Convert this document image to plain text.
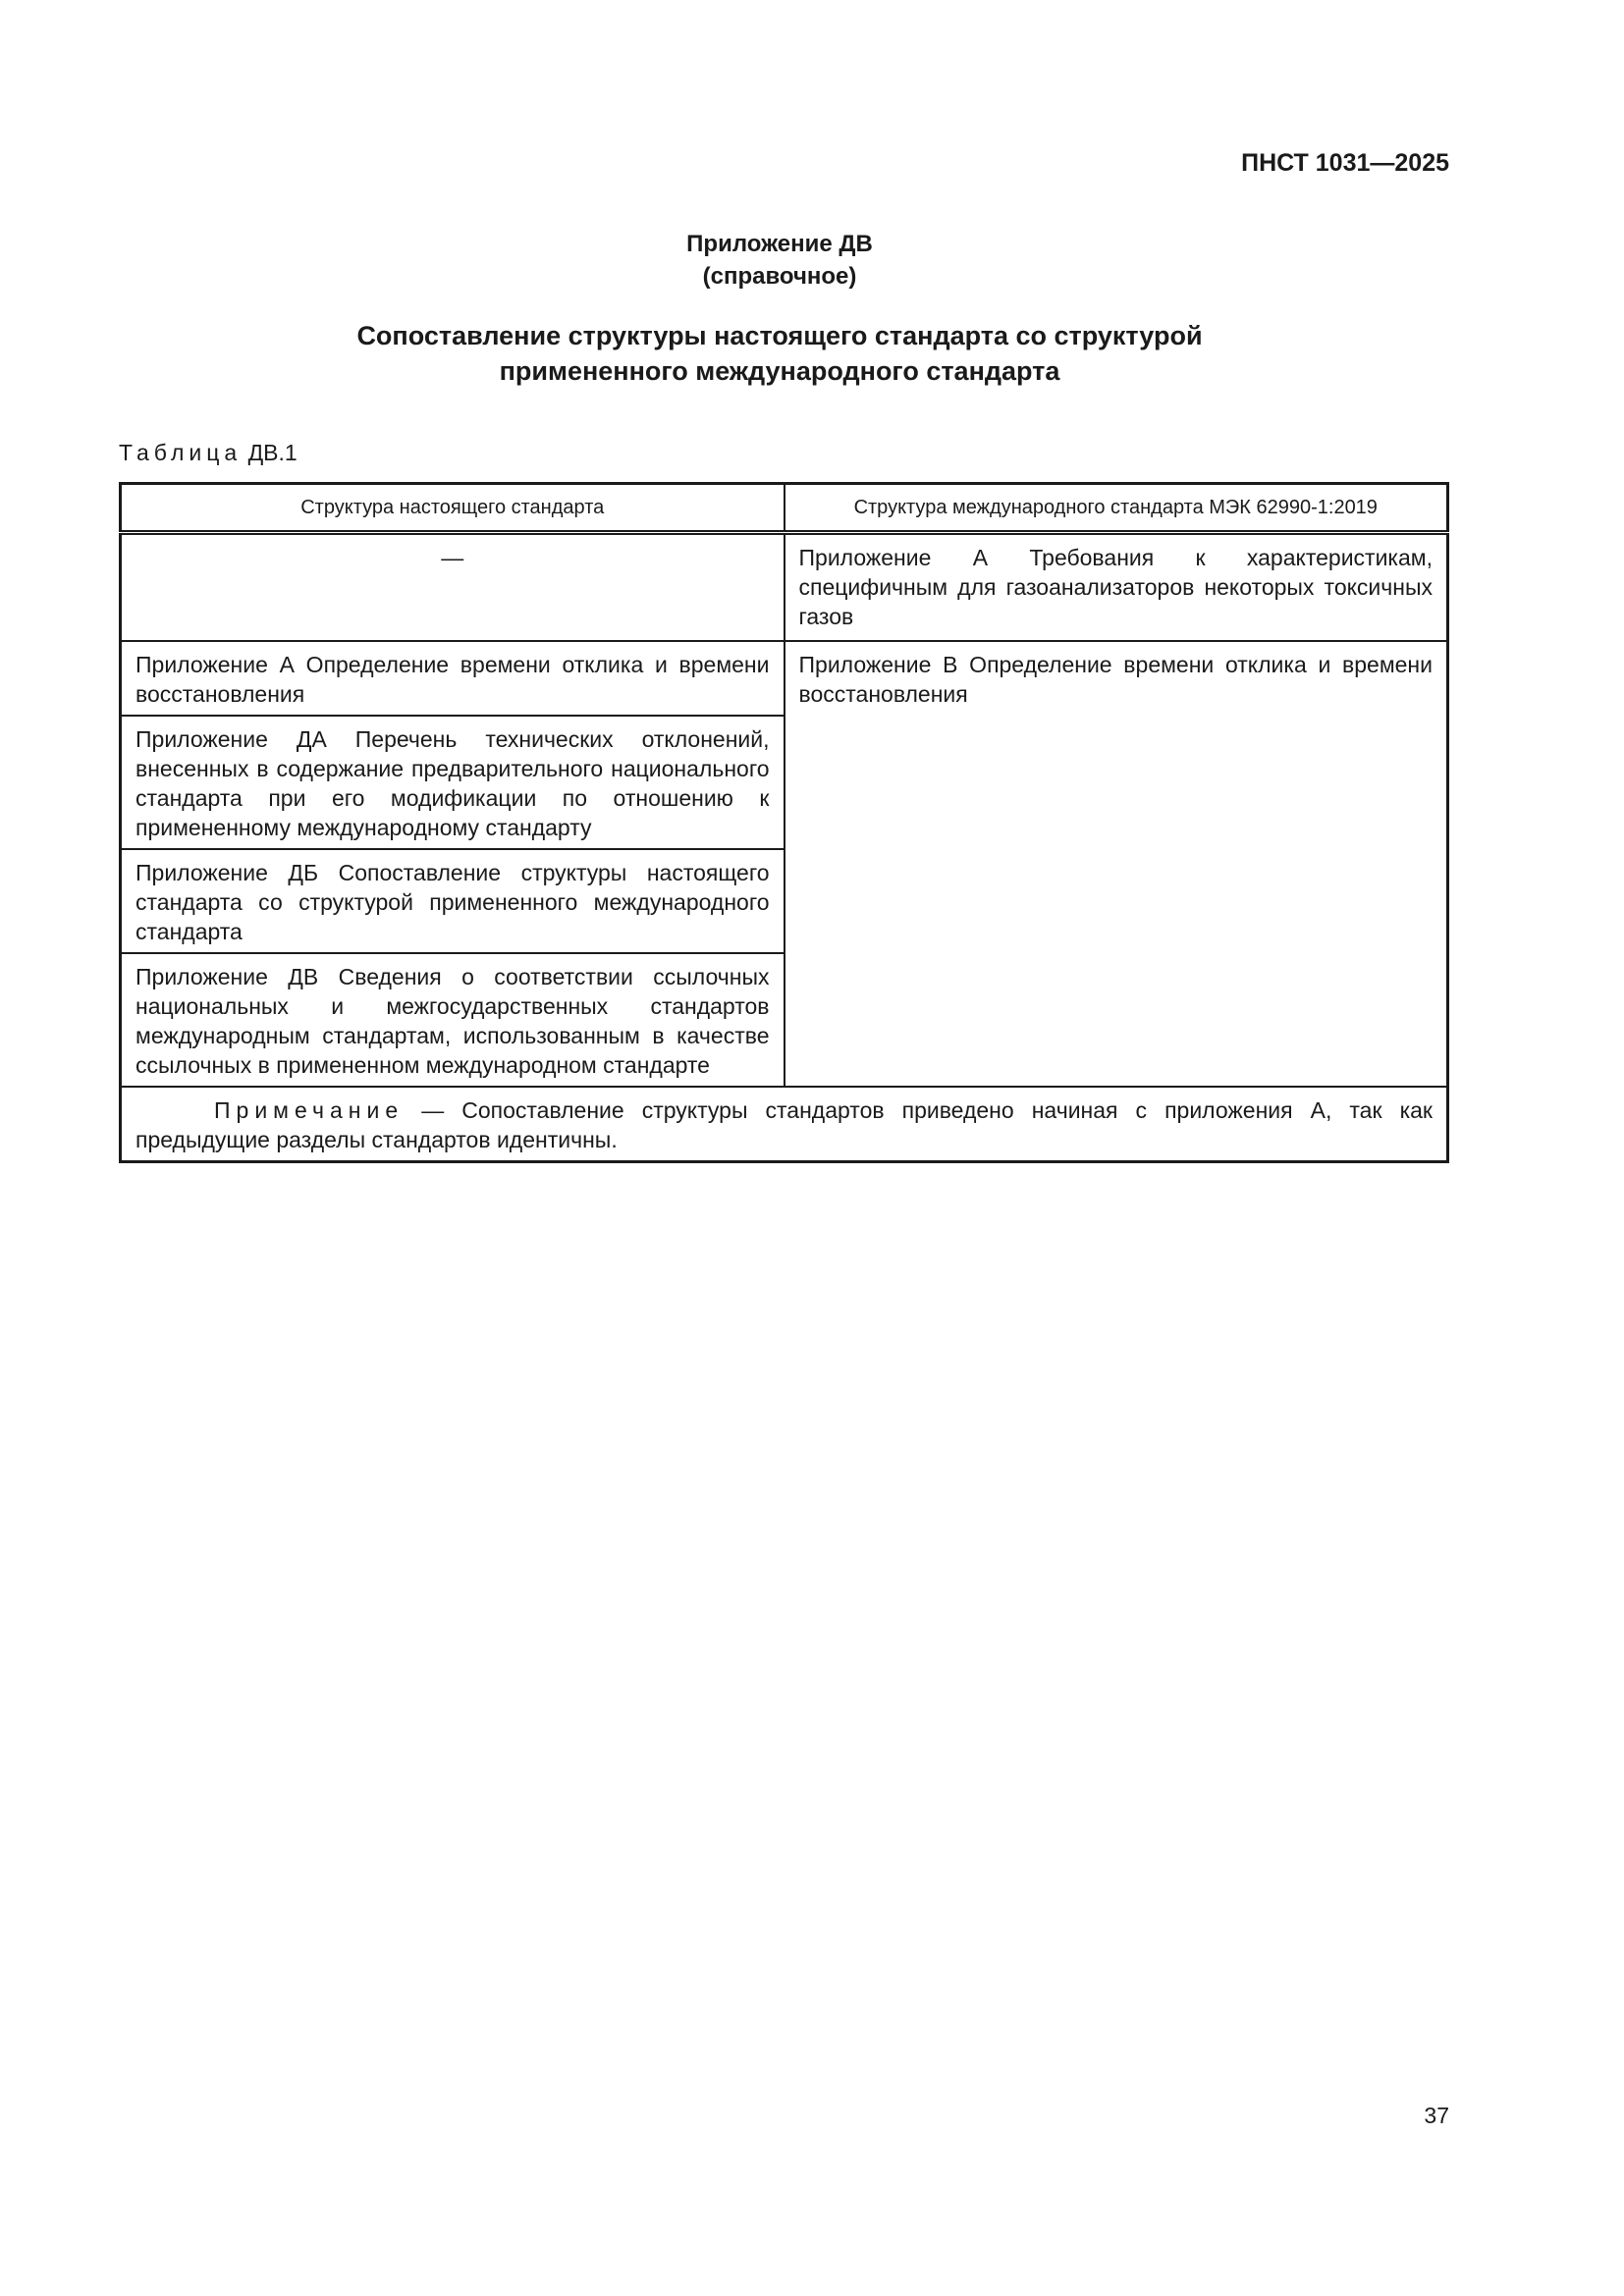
ПНСТ 1031—2025
Приложение ДВ
(справочное)
Сопоставление структуры настоящего стандарта со структурой
примененного международного стандарта
Таблица ДВ.1
Структура настоящего стандарта	Структура международного стандарта МЭК 62990-1:2019
—	Приложение А Требования к характеристикам, специфичным для газоанализаторов некоторых токсичных газов
Приложение А Определение времени отклика и времени восстановления	Приложение В Определение времени отклика и времени восстановления
Приложение ДА Перечень технических отклонений, внесенных в содержание предварительного национального стандарта при его модификации по отношению к примененному международному стандарту	
Приложение ДБ Сопоставление структуры настоящего стандарта со структурой примененного международного стандарта	
Приложение ДВ Сведения о соответствии ссылочных национальных и межгосударственных стандартов международным стандартам, использованным в качестве ссылочных в примененном международном стандарте	
Примечание — Сопоставление структуры стандартов приведено начиная с приложения А, так как предыдущие разделы стандартов идентичны.	
37
